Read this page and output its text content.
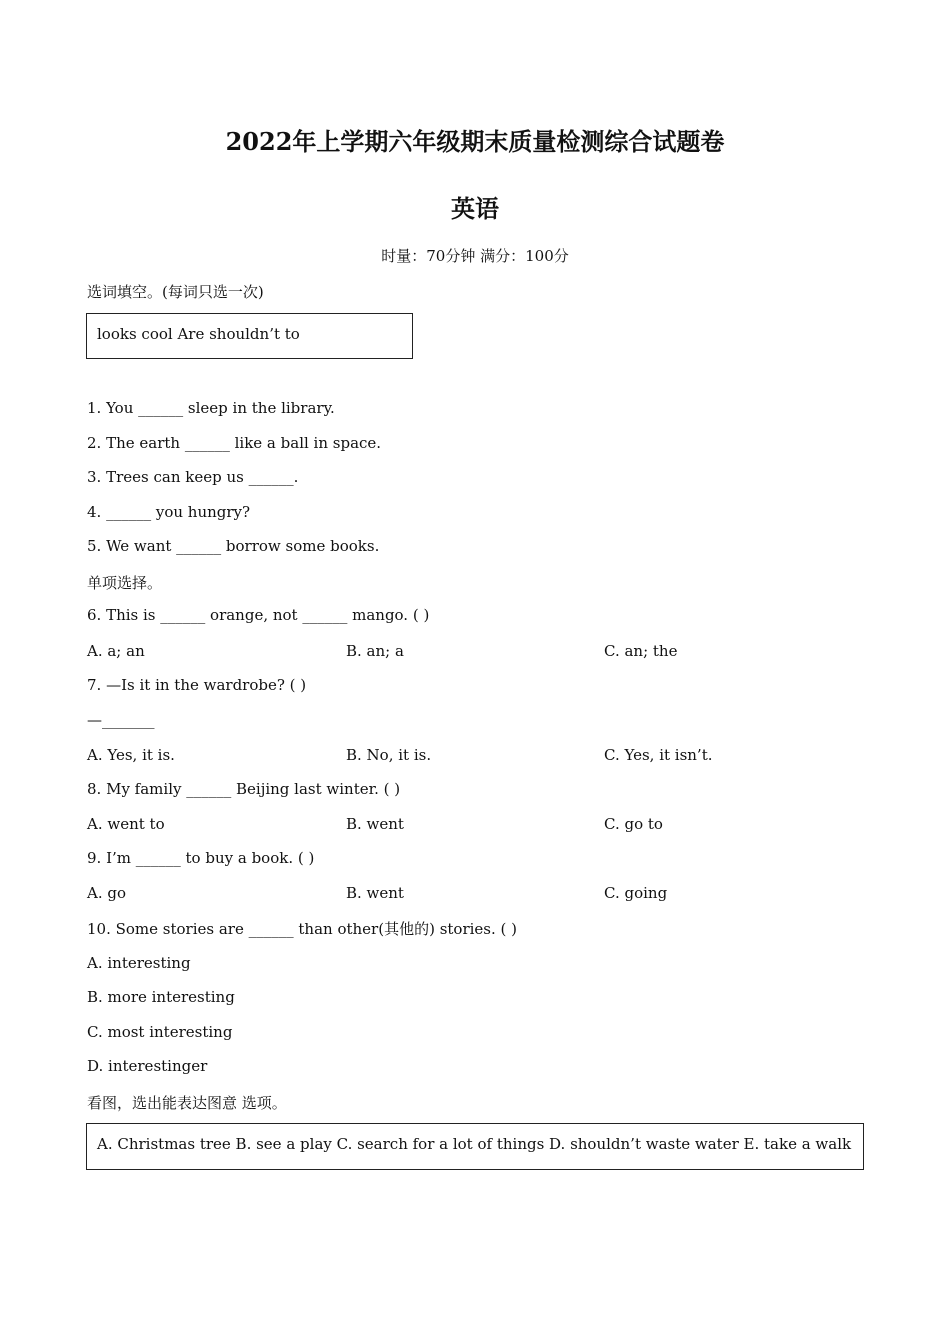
2022年上学期六年级期末质量检测综合试题卷
英语
时量：70分钟 满分：100分
选词填空。(每词只选一次)
looks cool Are shouldn’t to
1. You ______ sleep in the library.
2. The earth ______ like a ball in space.
3. Trees can keep us ______.
4. ______ you hungry?
5. We want ______ borrow some books.
单项选择。
6. This is ______ orange, not ______ mango. ( )
A. a; an	B. an; a	C. an; the
7. —Is it in the wardrobe? ( )
—_______
A. Yes, it is.	B. No, it is.	C. Yes, it isn’t.
8. My family ______ Beijing last winter. ( )
A. went to	B. went	C. go to
9. I’m ______ to buy a book. ( )
A. go	B. went	C. going
10. Some stories are ______ than other(其他的) stories. ( )
A. interesting
B. more interesting
C. most interesting
D. interestinger
看图，选出能表达图意 选项。
A. Christmas tree B. see a play C. search for a lot of things D. shouldn’t waste water E. take a walk
